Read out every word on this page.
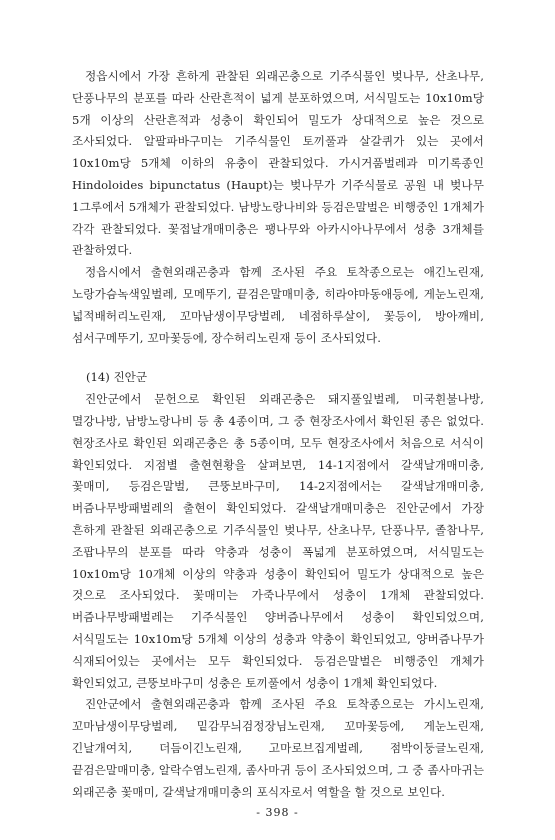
정읍시에서 가장 흔하게 관찰된 외래곤충으로 기주식물인 벚나무, 산초나무, 단풍나무의 분포를 따라 산란흔적이 넓게 분포하였으며, 서식밀도는 10x10m당 5개 이상의 산란흔적과 성충이 확인되어 밀도가 상대적으로 높은 것으로 조사되었다. 알팔파바구미는 기주식물인 토끼풀과 살갈퀴가 있는 곳에서 10x10m당 5개체 이하의 유충이 관찰되었다. 가시거품벌레과 미기록종인 Hindoloides bipunctatus (Haupt)는 벚나무가 기주식물로 공원 내 벚나무 1그루에서 5개체가 관찰되었다. 남방노랑나비와 등검은말벌은 비행중인 1개체가 각각 관찰되었다. 꽃접날개매미충은 팽나무와 아카시아나무에서 성충 3개체를 관찰하였다.

정읍시에서 출현외래곤충과 함께 조사된 주요 토착종으로는 애긴노린재, 노랑가슴녹색잎벌레, 모메뚜기, 끝검은말매미충, 히라야마동애등에, 게눈노린재, 넓적배허리노린재, 꼬마남생이무당벌레, 네점하루살이, 꽃등이, 방아깨비, 섬서구메뚜기, 꼬마꽃등에, 장수허리노린재 등이 조사되었다.

(14) 진안군

진안군에서 문헌으로 확인된 외래곤충은 돼지풀잎벌레, 미국흰불나방, 멸강나방, 남방노랑나비 등 총 4종이며, 그 중 현장조사에서 확인된 종은 없었다. 현장조사로 확인된 외래곤충은 총 5종이며, 모두 현장조사에서 처음으로 서식이 확인되었다. 지점별 출현현황을 살펴보면, 14-1지점에서 갈색날개매미충, 꽃매미, 등검은말벌, 큰뚱보바구미, 14-2지점에서는 갈색날개매미충, 버즘나무방패벌레의 출현이 확인되었다. 갈색날개매미충은 진안군에서 가장 흔하게 관찰된 외래곤충으로 기주식물인 벚나무, 산초나무, 단풍나무, 졸참나무, 조팝나무의 분포를 따라 약충과 성충이 폭넓게 분포하였으며, 서식밀도는 10x10m당 10개체 이상의 약충과 성충이 확인되어 밀도가 상대적으로 높은 것으로 조사되었다. 꽃매미는 가죽나무에서 성충이 1개체 관찰되었다. 버즘나무방패벌레는 기주식물인 양버즘나무에서 성충이 확인되었으며, 서식밀도는 10x10m당 5개체 이상의 성충과 약충이 확인되었고, 양버즘나무가 식재되어있는 곳에서는 모두 확인되었다. 등검은말벌은 비행중인 개체가 확인되었고, 큰뚱보바구미 성충은 토끼풀에서 성충이 1개체 확인되었다.

진안군에서 출현외래곤충과 함께 조사된 주요 토착종으로는 가시노린재, 꼬마남생이무당벌레, 밑감무늬검정장님노린재, 꼬마꽃등에, 게눈노린재, 긴날개여치, 더듬이긴노린재, 고마로브집게벌레, 점박이둥글노린재, 끝검은말매미충, 알락수염노린재, 좀사마귀 등이 조사되었으며, 그 중 좀사마귀는 외래곤충 꽃매미, 갈색날개매미충의 포식자로서 역할을 할 것으로 보인다.

- 398 -
